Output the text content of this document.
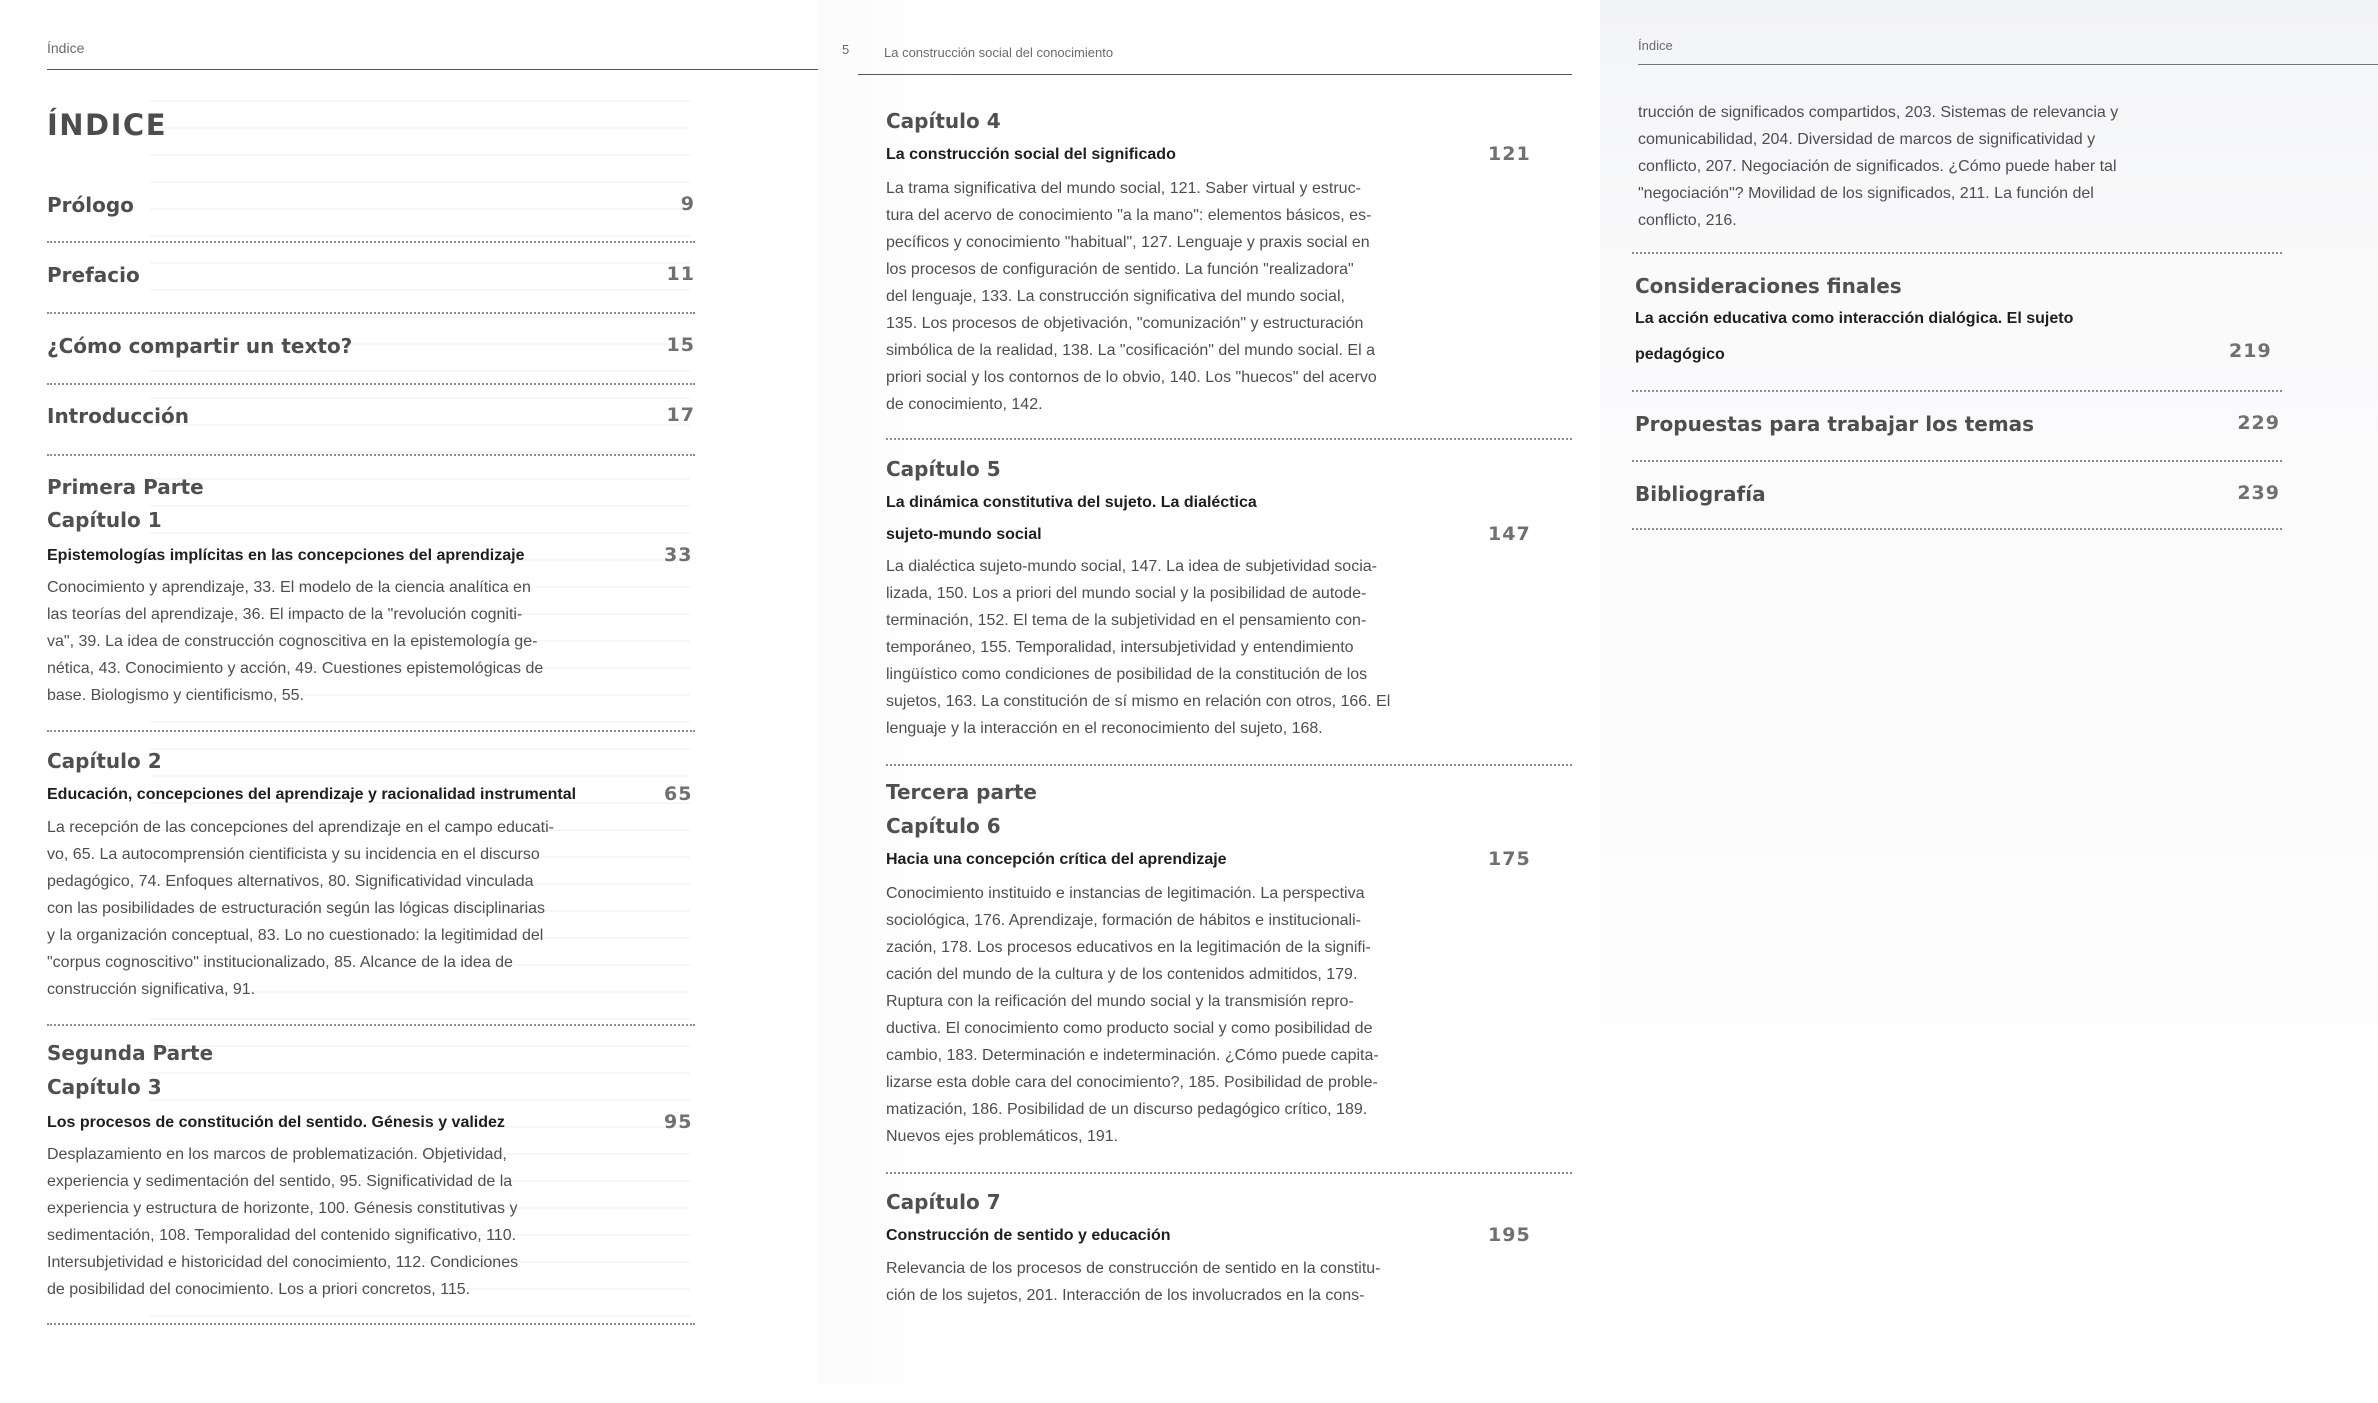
Índice
ÍNDICE
Prólogo	9
Prefacio	11
¿Cómo compartir un texto?	15
Introducción	17
Primera Parte
Capítulo 1
Epistemologías implícitas en las concepciones del aprendizaje	33
Conocimiento y aprendizaje, 33. El modelo de la ciencia analítica en
las teorías del aprendizaje, 36. El impacto de la "revolución cogniti-
va", 39. La idea de construcción cognoscitiva en la epistemología ge-
nética, 43. Conocimiento y acción, 49. Cuestiones epistemológicas de
base. Biologismo y cientificismo, 55.
Capítulo 2
Educación, concepciones del aprendizaje y racionalidad instrumental	65
La recepción de las concepciones del aprendizaje en el campo educati-
vo, 65. La autocomprensión cientificista y su incidencia en el discurso
pedagógico, 74. Enfoques alternativos, 80. Significatividad vinculada
con las posibilidades de estructuración según las lógicas disciplinarias
y la organización conceptual, 83. Lo no cuestionado: la legitimidad del
"corpus cognoscitivo" institucionalizado, 85. Alcance de la idea de
construcción significativa, 91.
Segunda Parte
Capítulo 3
Los procesos de constitución del sentido. Génesis y validez	95
Desplazamiento en los marcos de problematización. Objetividad,
experiencia y sedimentación del sentido, 95. Significatividad de la
experiencia y estructura de horizonte, 100. Génesis constitutivas y
sedimentación, 108. Temporalidad del contenido significativo, 110.
Intersubjetividad e historicidad del conocimiento, 112. Condiciones
de posibilidad del conocimiento. Los a priori concretos, 115.
5	La construcción social del conocimiento
Capítulo 4
La construcción social del significado	121
La trama significativa del mundo social, 121. Saber virtual y estruc-
tura del acervo de conocimiento "a la mano": elementos básicos, es-
pecíficos y conocimiento "habitual", 127. Lenguaje y praxis social en
los procesos de configuración de sentido. La función "realizadora"
del lenguaje, 133. La construcción significativa del mundo social,
135. Los procesos de objetivación, "comunización" y estructuración
simbólica de la realidad, 138. La "cosificación" del mundo social. El a
priori social y los contornos de lo obvio, 140. Los "huecos" del acervo
de conocimiento, 142.
Capítulo 5
La dinámica constitutiva del sujeto. La dialéctica
sujeto-mundo social	147
La dialéctica sujeto-mundo social, 147. La idea de subjetividad socia-
lizada, 150. Los a priori del mundo social y la posibilidad de autode-
terminación, 152. El tema de la subjetividad en el pensamiento con-
temporáneo, 155. Temporalidad, intersubjetividad y entendimiento
lingüístico como condiciones de posibilidad de la constitución de los
sujetos, 163. La constitución de sí mismo en relación con otros, 166. El
lenguaje y la interacción en el reconocimiento del sujeto, 168.
Tercera parte
Capítulo 6
Hacia una concepción crítica del aprendizaje	175
Conocimiento instituido e instancias de legitimación. La perspectiva
sociológica, 176. Aprendizaje, formación de hábitos e institucionali-
zación, 178. Los procesos educativos en la legitimación de la signifi-
cación del mundo de la cultura y de los contenidos admitidos, 179.
Ruptura con la reificación del mundo social y la transmisión repro-
ductiva. El conocimiento como producto social y como posibilidad de
cambio, 183. Determinación e indeterminación. ¿Cómo puede capita-
lizarse esta doble cara del conocimiento?, 185. Posibilidad de proble-
matización, 186. Posibilidad de un discurso pedagógico crítico, 189.
Nuevos ejes problemáticos, 191.
Capítulo 7
Construcción de sentido y educación	195
Relevancia de los procesos de construcción de sentido en la constitu-
ción de los sujetos, 201. Interacción de los involucrados en la cons-
Índice
trucción de significados compartidos, 203. Sistemas de relevancia y
comunicabilidad, 204. Diversidad de marcos de significatividad y
conflicto, 207. Negociación de significados. ¿Cómo puede haber tal
"negociación"? Movilidad de los significados, 211. La función del
conflicto, 216.
Consideraciones finales
La acción educativa como interacción dialógica. El sujeto
pedagógico	219
Propuestas para trabajar los temas	229
Bibliografía	239
